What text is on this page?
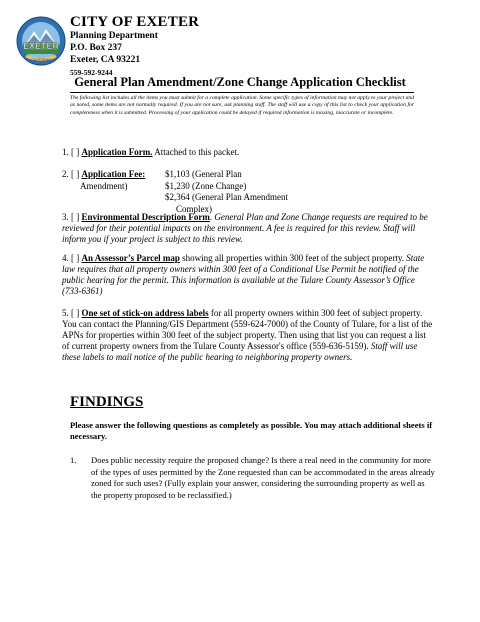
EXETER
CALIFORNIA
CITY OF EXETER
Planning Department
P.O. Box 237
Exeter, CA 93221
559-592-9244
General Plan Amendment/Zone Change Application Checklist
The following list includes all the items you must submit for a complete application. Some specific types of information may not apply to your project and as noted, some items are not normally required. If you are not sure, ask planning staff. The staff will use a copy of this list to check your application for completeness when it is submitted. Processing of your application could be delayed if required information is missing, inaccurate or incomplete.
1. [ ] Application Form. Attached to this packet.
2. [ ] Application Fee:
Amendment)
$1,103 (General Plan
$1,230 (Zone Change)
$2,364 (General Plan Amendment
Complex)
3. [ ] Environmental Description Form. General Plan and Zone Change requests are required to be reviewed for their potential impacts on the environment. A fee is required for this review. Staff will inform you if your project is subject to this review.
4. [ ] An Assessor’s Parcel map showing all properties within 300 feet of the subject property. State law requires that all property owners within 300 feet of a Conditional Use Permit be notified of the public hearing for the permit. This information is available at the Tulare County Assessor’s Office (733-6361)
5. [ ] One set of stick-on address labels for all property owners within 300 feet of subject property. You can contact the Planning/GIS Department (559-624-7000) of the County of Tulare, for a list of the APNs for properties within 300 feet of the subject property. Then using that list you can request a list of current property owners from the Tulare County Assessor's office (559-636-5159). Staff will use these labels to mail notice of the public hearing to neighboring property owners.
FINDINGS
Please answer the following questions as completely as possible. You may attach additional sheets if necessary.
1. Does public necessity require the proposed change? Is there a real need in the community for more of the types of uses permitted by the Zone requested than can be accommodated in the areas already zoned for such uses? (Fully explain your answer, considering the surrounding property as well as the property proposed to be reclassified.)
